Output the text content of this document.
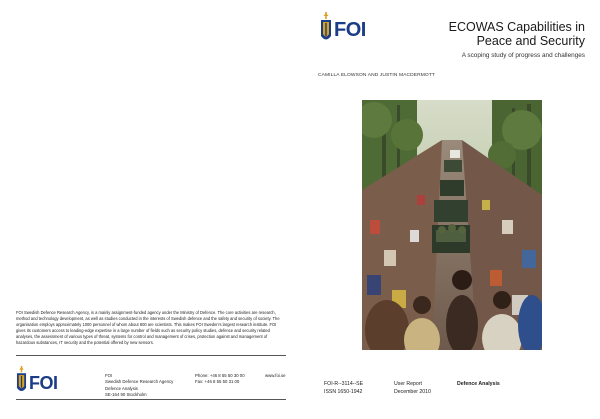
FOI Swedish Defence Research Agency, is a mainly assignment-funded agency under the Ministry of Defence. The core activities are research, method and technology development, as well as studies conducted in the interests of Swedish defence and the safety and security of society. The organisation employs approximately 1000 personnel of whom about 800 are scientists. This makes FOI Sweden's largest research institute. FOI gives its customers access to leading-edge expertise in a large number of fields such as security policy studies, defence and security related analyses, the assessment of various types of threat, systems for control and management of crises, protection against and management of hazardous substances, IT security and the potential offered by new sensors.
FOI	FOI
Swedish Defence Research Agency
Defence Analysis
SE-164 90 Stockholm
Phone: +46 8 55 50 30 00
Fax: +46 8 55 50 31 00
www.foi.se
FOI	ECOWAS Capabilities in Peace and Security
A scoping study of progress and challenges
CAMILLA ELOWSON AND JUSTIN MACDERMOTT
FOI-R--3114--SE
ISSN 1650-1942
User Report
December 2010
Defence Analysis
